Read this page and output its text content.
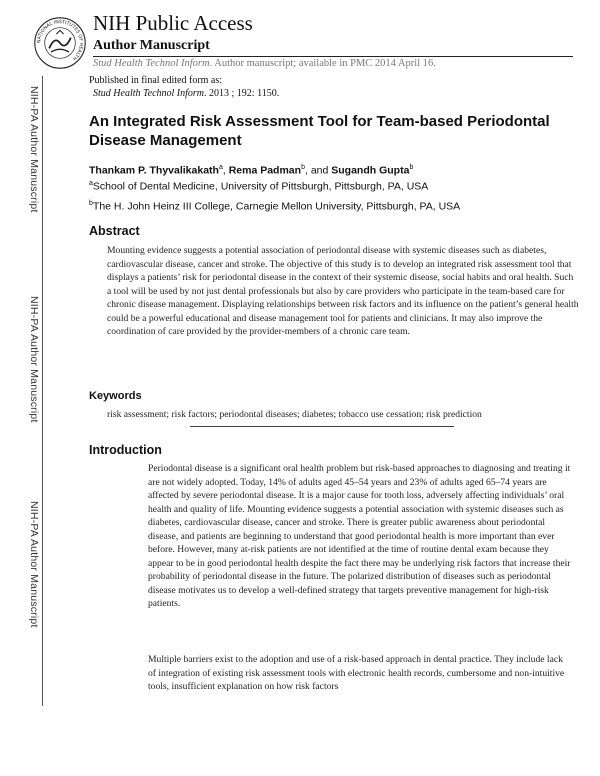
NIH-PA Author Manuscript
NIH-PA Author Manuscript
NIH-PA Author Manuscript
NATIONAL INSTITUTES OF HEALTH
NIH Public Access
Author Manuscript
Stud Health Technol Inform. Author manuscript; available in PMC 2014 April 16.
Published in final edited form as:
Stud Health Technol Inform. 2013 ; 192: 1150.
An Integrated Risk Assessment Tool for Team-based Periodontal Disease Management
Thankam P. Thyvalikakath$^a$, Rema Padman$^b$, and Sugandh Gupta$^b$
$^a$School of Dental Medicine, University of Pittsburgh, Pittsburgh, PA, USA
$^b$The H. John Heinz III College, Carnegie Mellon University, Pittsburgh, PA, USA
Abstract
Mounting evidence suggests a potential association of periodontal disease with systemic diseases such as diabetes, cardiovascular disease, cancer and stroke. The objective of this study is to develop an integrated risk assessment tool that displays a patients’ risk for periodontal disease in the context of their systemic disease, social habits and oral health. Such a tool will be used by not just dental professionals but also by care providers who participate in the team-based care for chronic disease management. Displaying relationships between risk factors and its influence on the patient’s general health could be a powerful educational and disease management tool for patients and clinicians. It may also improve the coordination of care provided by the provider-members of a chronic care team.
Keywords
risk assessment; risk factors; periodontal diseases; diabetes; tobacco use cessation; risk prediction
Introduction
Periodontal disease is a significant oral health problem but risk-based approaches to diagnosing and treating it are not widely adopted. Today, 14% of adults aged 45–54 years and 23% of adults aged 65–74 years are affected by severe periodontal disease. It is a major cause for tooth loss, adversely affecting individuals’ oral health and quality of life. Mounting evidence suggests a potential association with systemic diseases such as diabetes, cardiovascular disease, cancer and stroke. There is greater public awareness about periodontal disease, and patients are beginning to understand that good periodontal health is more important than ever before. However, many at-risk patients are not identified at the time of routine dental exam because they appear to be in good periodontal health despite the fact there may be underlying risk factors that increase their probability of periodontal disease in the future. The polarized distribution of diseases such as periodontal disease motivates us to develop a well-defined strategy that targets preventive management for high-risk patients.
Multiple barriers exist to the adoption and use of a risk-based approach in dental practice. They include lack of integration of existing risk assessment tools with electronic health records, cumbersome and non-intuitive tools, insufficient explanation on how risk factors
